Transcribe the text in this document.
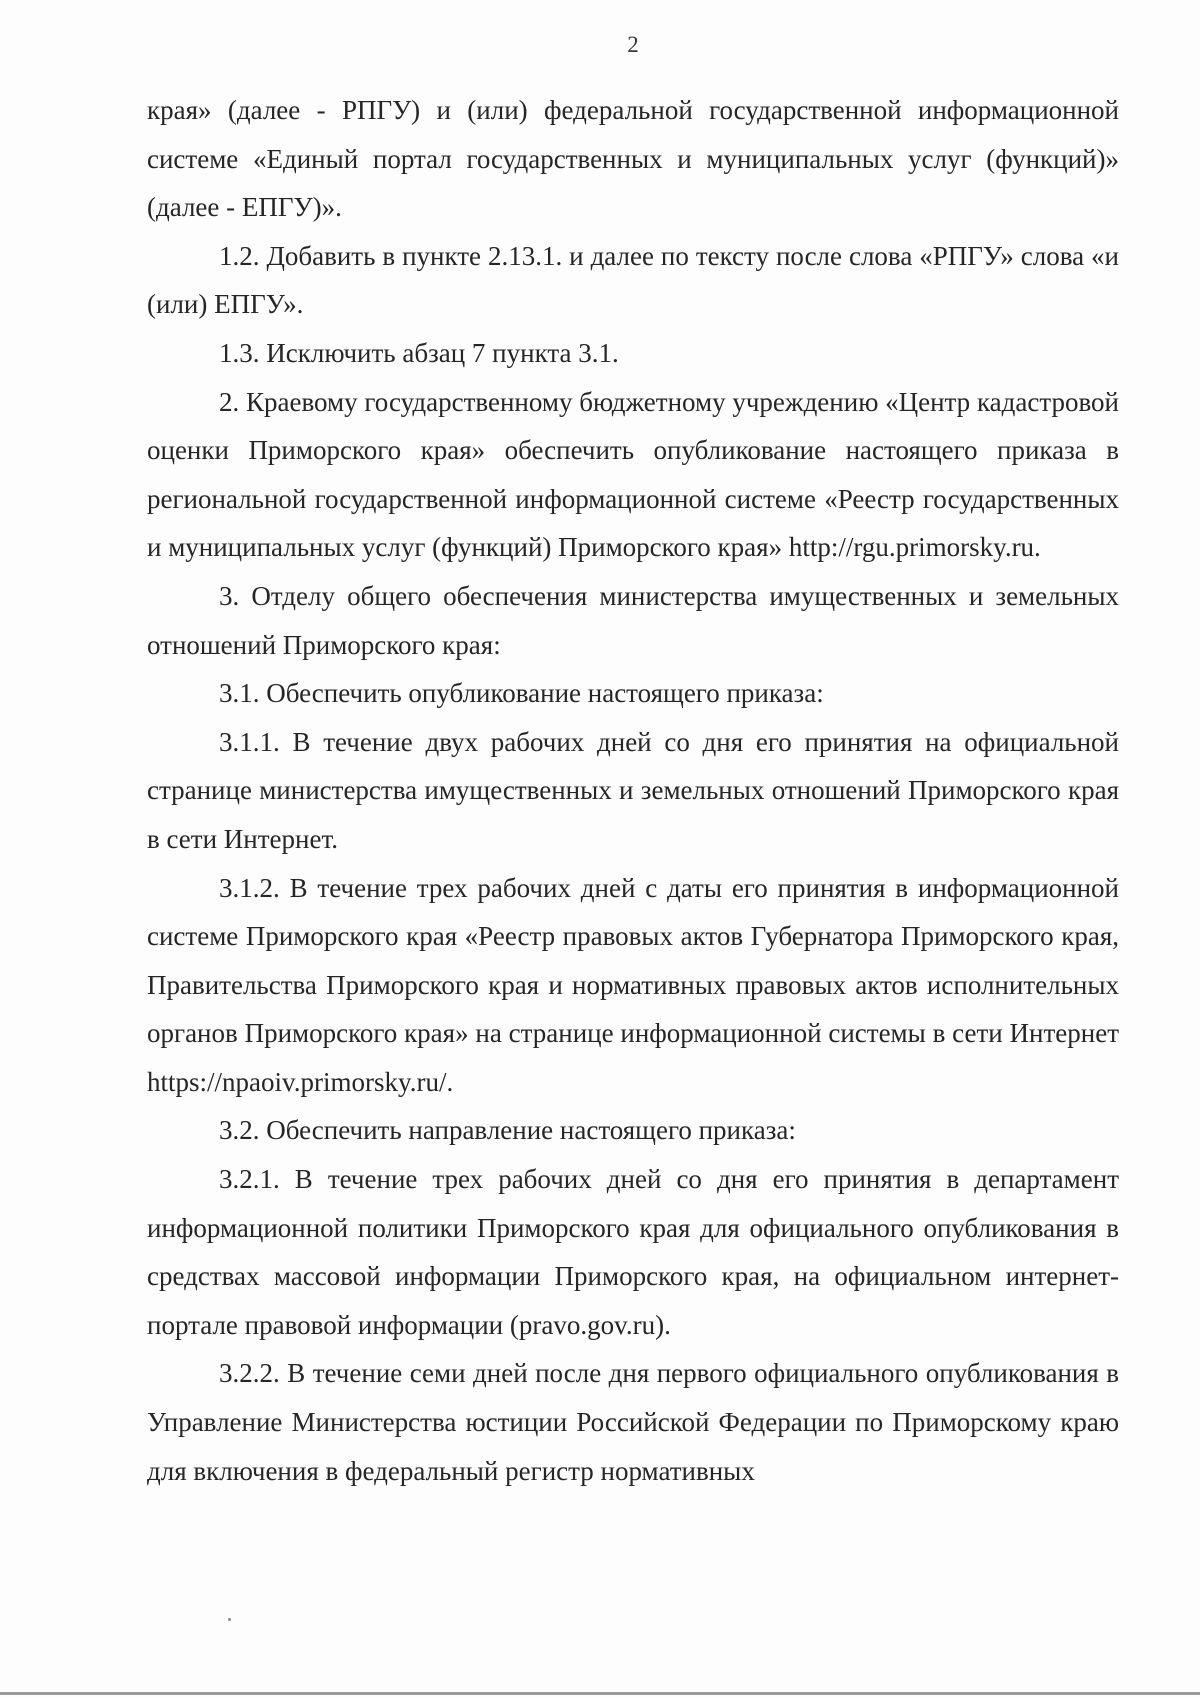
2

края» (далее - РПГУ) и (или) федеральной государственной информационной системе «Единый портал государственных и муниципальных услуг (функций)» (далее - ЕПГУ)».

1.2. Добавить в пункте 2.13.1. и далее по тексту после слова «РПГУ» слова «и (или) ЕПГУ».

1.3. Исключить абзац 7 пункта 3.1.

2. Краевому государственному бюджетному учреждению «Центр кадастровой оценки Приморского края» обеспечить опубликование настоящего приказа в региональной государственной информационной системе «Реестр государственных и муниципальных услуг (функций) Приморского края» http://rgu.primorsky.ru.

3. Отделу общего обеспечения министерства имущественных и земельных отношений Приморского края:

3.1. Обеспечить опубликование настоящего приказа:

3.1.1. В течение двух рабочих дней со дня его принятия на официальной странице министерства имущественных и земельных отношений Приморского края в сети Интернет.

3.1.2. В течение трех рабочих дней с даты его принятия в информационной системе Приморского края «Реестр правовых актов Губернатора Приморского края, Правительства Приморского края и нормативных правовых актов исполнительных органов Приморского края» на странице информационной системы в сети Интернет https://npaoiv.primorsky.ru/.

3.2. Обеспечить направление настоящего приказа:

3.2.1. В течение трех рабочих дней со дня его принятия в департамент информационной политики Приморского края для официального опубликования в средствах массовой информации Приморского края, на официальном интернет-портале правовой информации (pravo.gov.ru).

3.2.2. В течение семи дней после дня первого официального опубликования в Управление Министерства юстиции Российской Федерации по Приморскому краю для включения в федеральный регистр нормативных
